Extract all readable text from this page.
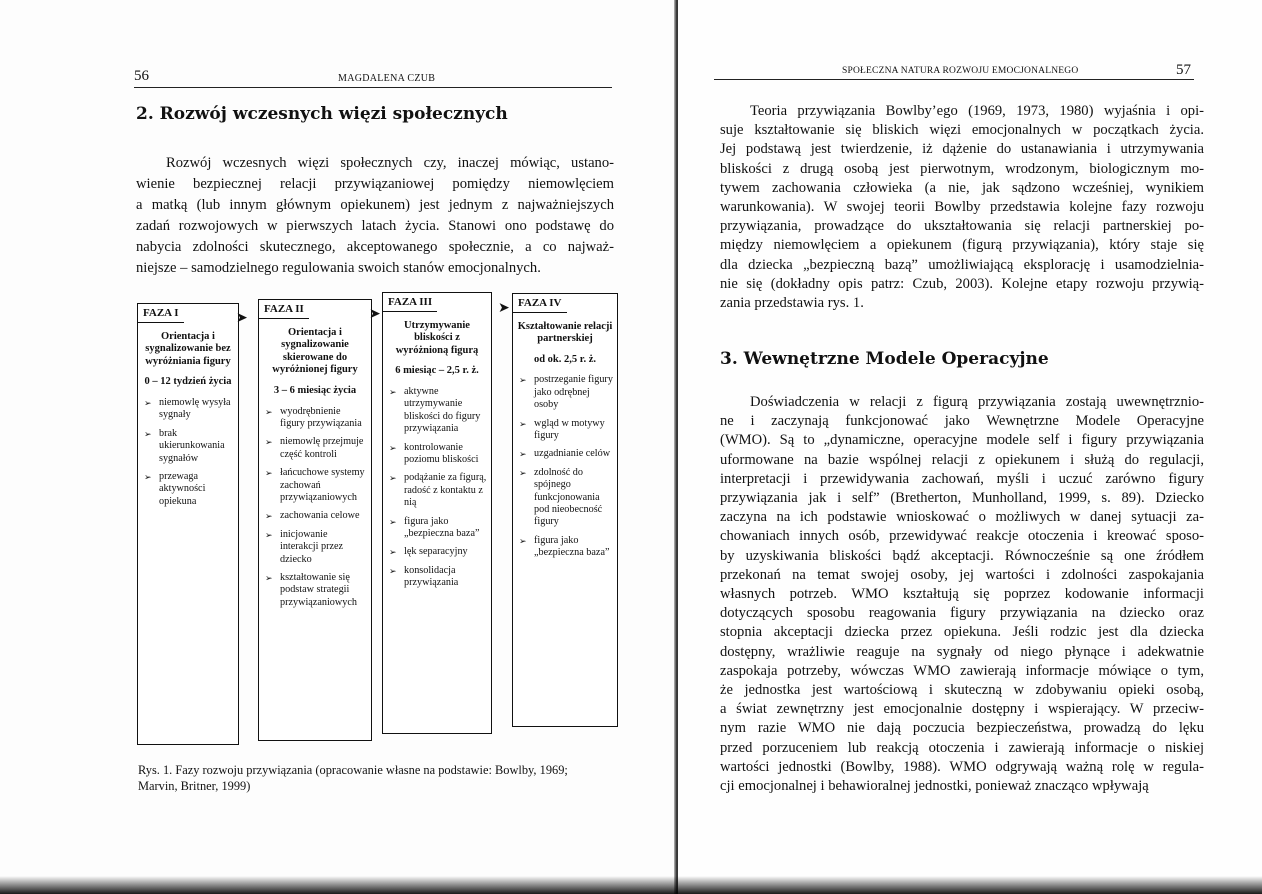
56	MAGDALENA CZUB
2. Rozwój wczesnych więzi społecznych
Rozwój wczesnych więzi społecznych czy, inaczej mówiąc, ustano-
wienie bezpiecznej relacji przywiązaniowej pomiędzy niemowlęciem
a matką (lub innym głównym opiekunem) jest jednym z najważniejszych
zadań rozwojowych w pierwszych latach życia. Stanowi ono podstawę do
nabycia zdolności skutecznego, akceptowanego społecznie, a co najważ-
niejsze – samodzielnego regulowania swoich stanów emocjonalnych.
FAZA I
Orientacja i sygnalizowanie bez wyróżniania figury
0 – 12 tydzień życia
➢ niemowlę wysyła sygnały
➢ brak ukierunkowania sygnałów
➢ przewaga aktywności opiekuna
➤
FAZA II
Orientacja i sygnalizowanie skierowane do wyróżnionej figury
3 – 6 miesiąc życia
➢ wyodrębnienie figury przywiązania
➢ niemowlę przejmuje część kontroli
➢ łańcuchowe systemy zachowań przywiązaniowych
➢ zachowania celowe
➢ inicjowanie interakcji przez dziecko
➢ kształtowanie się podstaw strategii przywiązaniowych
➤
FAZA III
Utrzymywanie bliskości z wyróżnioną figurą
6 miesiąc – 2,5 r. ż.
➢ aktywne utrzymywanie bliskości do figury przywiązania
➢ kontrolowanie poziomu bliskości
➢ podążanie za figurą, radość z kontaktu z nią
➢ figura jako „bezpieczna baza”
➢ lęk separacyjny
➢ konsolidacja przywiązania
➤ FAZA IV
Kształtowanie relacji partnerskiej
od ok. 2,5 r. ż.
➢ postrzeganie figury jako odrębnej osoby
➢ wgląd w motywy figury
➢ uzgadnianie celów
➢ zdolność do spójnego funkcjonowania pod nieobecność figury
➢ figura jako „bezpieczna baza”
Rys. 1. Fazy rozwoju przywiązania (opracowanie własne na podstawie: Bowlby, 1969;
Marvin, Britner, 1999)
SPOŁECZNA NATURA ROZWOJU EMOCJONALNEGO	57
Teoria przywiązania Bowlby’ego (1969, 1973, 1980) wyjaśnia i opi-
suje kształtowanie się bliskich więzi emocjonalnych w początkach życia.
Jej podstawą jest twierdzenie, iż dążenie do ustanawiania i utrzymywania
bliskości z drugą osobą jest pierwotnym, wrodzonym, biologicznym mo-
tywem zachowania człowieka (a nie, jak sądzono wcześniej, wynikiem
warunkowania). W swojej teorii Bowlby przedstawia kolejne fazy rozwoju
przywiązania, prowadzące do ukształtowania się relacji partnerskiej po-
między niemowlęciem a opiekunem (figurą przywiązania), który staje się
dla dziecka „bezpieczną bazą” umożliwiającą eksplorację i usamodzielnia-
nie się (dokładny opis patrz: Czub, 2003). Kolejne etapy rozwoju przywią-
zania przedstawia rys. 1.
3. Wewnętrzne Modele Operacyjne
Doświadczenia w relacji z figurą przywiązania zostają uwewnętrznio-
ne i zaczynają funkcjonować jako Wewnętrzne Modele Operacyjne
(WMO). Są to „dynamiczne, operacyjne modele self i figury przywiązania
uformowane na bazie wspólnej relacji z opiekunem i służą do regulacji,
interpretacji i przewidywania zachowań, myśli i uczuć zarówno figury
przywiązania jak i self” (Bretherton, Munholland, 1999, s. 89). Dziecko
zaczyna na ich podstawie wnioskować o możliwych w danej sytuacji za-
chowaniach innych osób, przewidywać reakcje otoczenia i kreować sposo-
by uzyskiwania bliskości bądź akceptacji. Równocześnie są one źródłem
przekonań na temat swojej osoby, jej wartości i zdolności zaspokajania
własnych potrzeb. WMO kształtują się poprzez kodowanie informacji
dotyczących sposobu reagowania figury przywiązania na dziecko oraz
stopnia akceptacji dziecka przez opiekuna. Jeśli rodzic jest dla dziecka
dostępny, wrażliwie reaguje na sygnały od niego płynące i adekwatnie
zaspokaja potrzeby, wówczas WMO zawierają informacje mówiące o tym,
że jednostka jest wartościową i skuteczną w zdobywaniu opieki osobą,
a świat zewnętrzny jest emocjonalnie dostępny i wspierający. W przeciw-
nym razie WMO nie dają poczucia bezpieczeństwa, prowadzą do lęku
przed porzuceniem lub reakcją otoczenia i zawierają informacje o niskiej
wartości jednostki (Bowlby, 1988). WMO odgrywają ważną rolę w regula-
cji emocjonalnej i behawioralnej jednostki, ponieważ znacząco wpływają
